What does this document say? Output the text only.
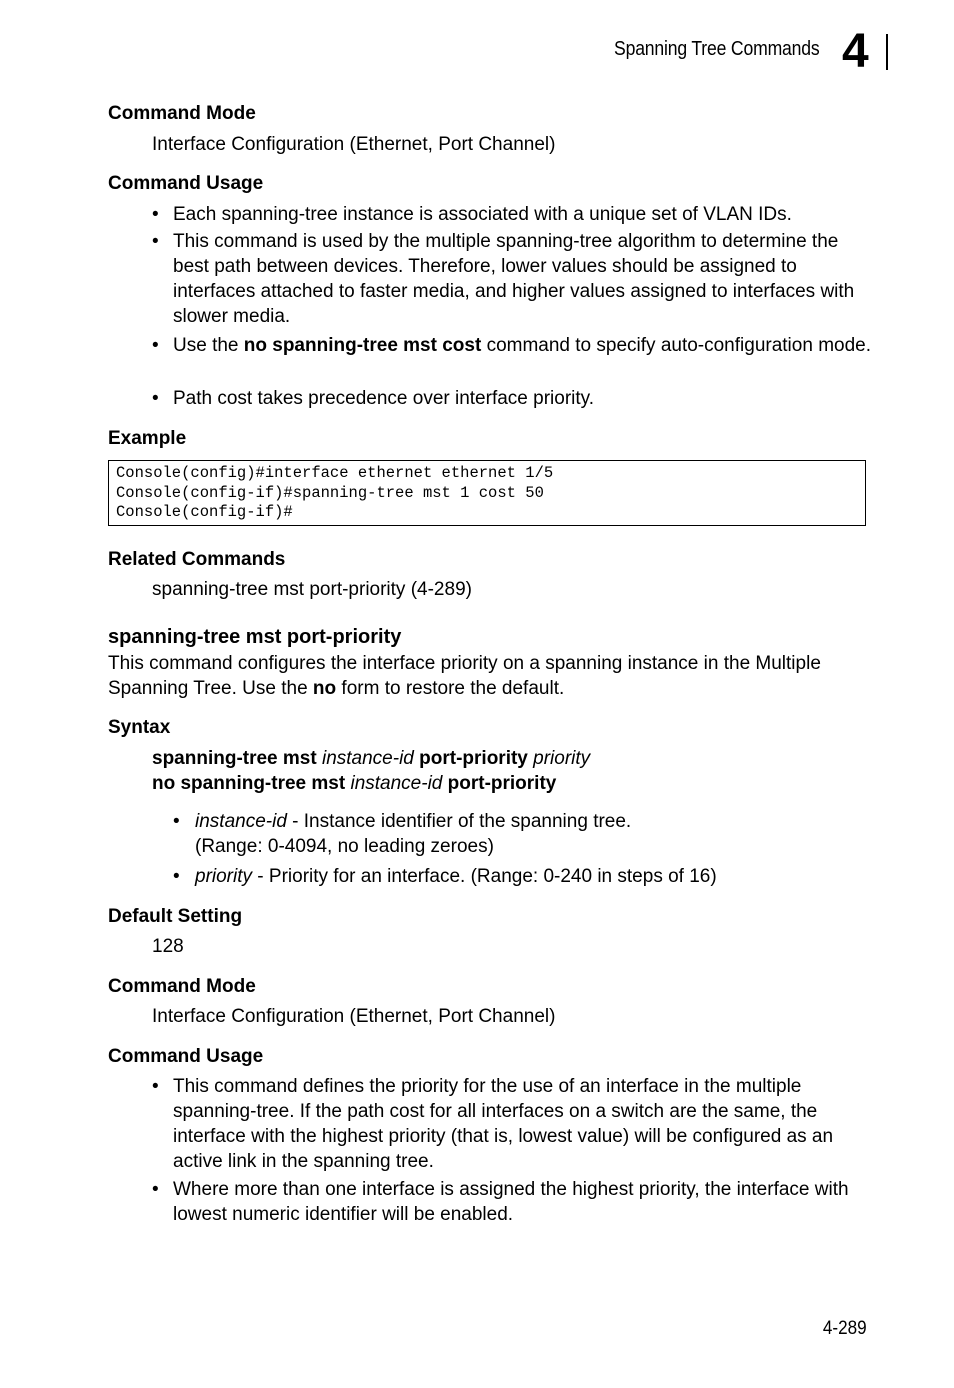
Spanning Tree Commands 4
Command Mode
Interface Configuration (Ethernet, Port Channel)
Command Usage
• Each spanning-tree instance is associated with a unique set of VLAN IDs.
• This command is used by the multiple spanning-tree algorithm to determine the best path between devices. Therefore, lower values should be assigned to interfaces attached to faster media, and higher values assigned to interfaces with slower media.
• Use the no spanning-tree mst cost command to specify auto-configuration mode.
• Path cost takes precedence over interface priority.
Example
Console(config)#interface ethernet ethernet 1/5
Console(config-if)#spanning-tree mst 1 cost 50
Console(config-if)#
Related Commands
spanning-tree mst port-priority (4-289)
spanning-tree mst port-priority
This command configures the interface priority on a spanning instance in the Multiple Spanning Tree. Use the no form to restore the default.
Syntax
spanning-tree mst instance-id port-priority priority
no spanning-tree mst instance-id port-priority
• instance-id - Instance identifier of the spanning tree.
(Range: 0-4094, no leading zeroes)
• priority - Priority for an interface. (Range: 0-240 in steps of 16)
Default Setting
128
Command Mode
Interface Configuration (Ethernet, Port Channel)
Command Usage
• This command defines the priority for the use of an interface in the multiple spanning-tree. If the path cost for all interfaces on a switch are the same, the interface with the highest priority (that is, lowest value) will be configured as an active link in the spanning tree.
• Where more than one interface is assigned the highest priority, the interface with lowest numeric identifier will be enabled.
4-289
